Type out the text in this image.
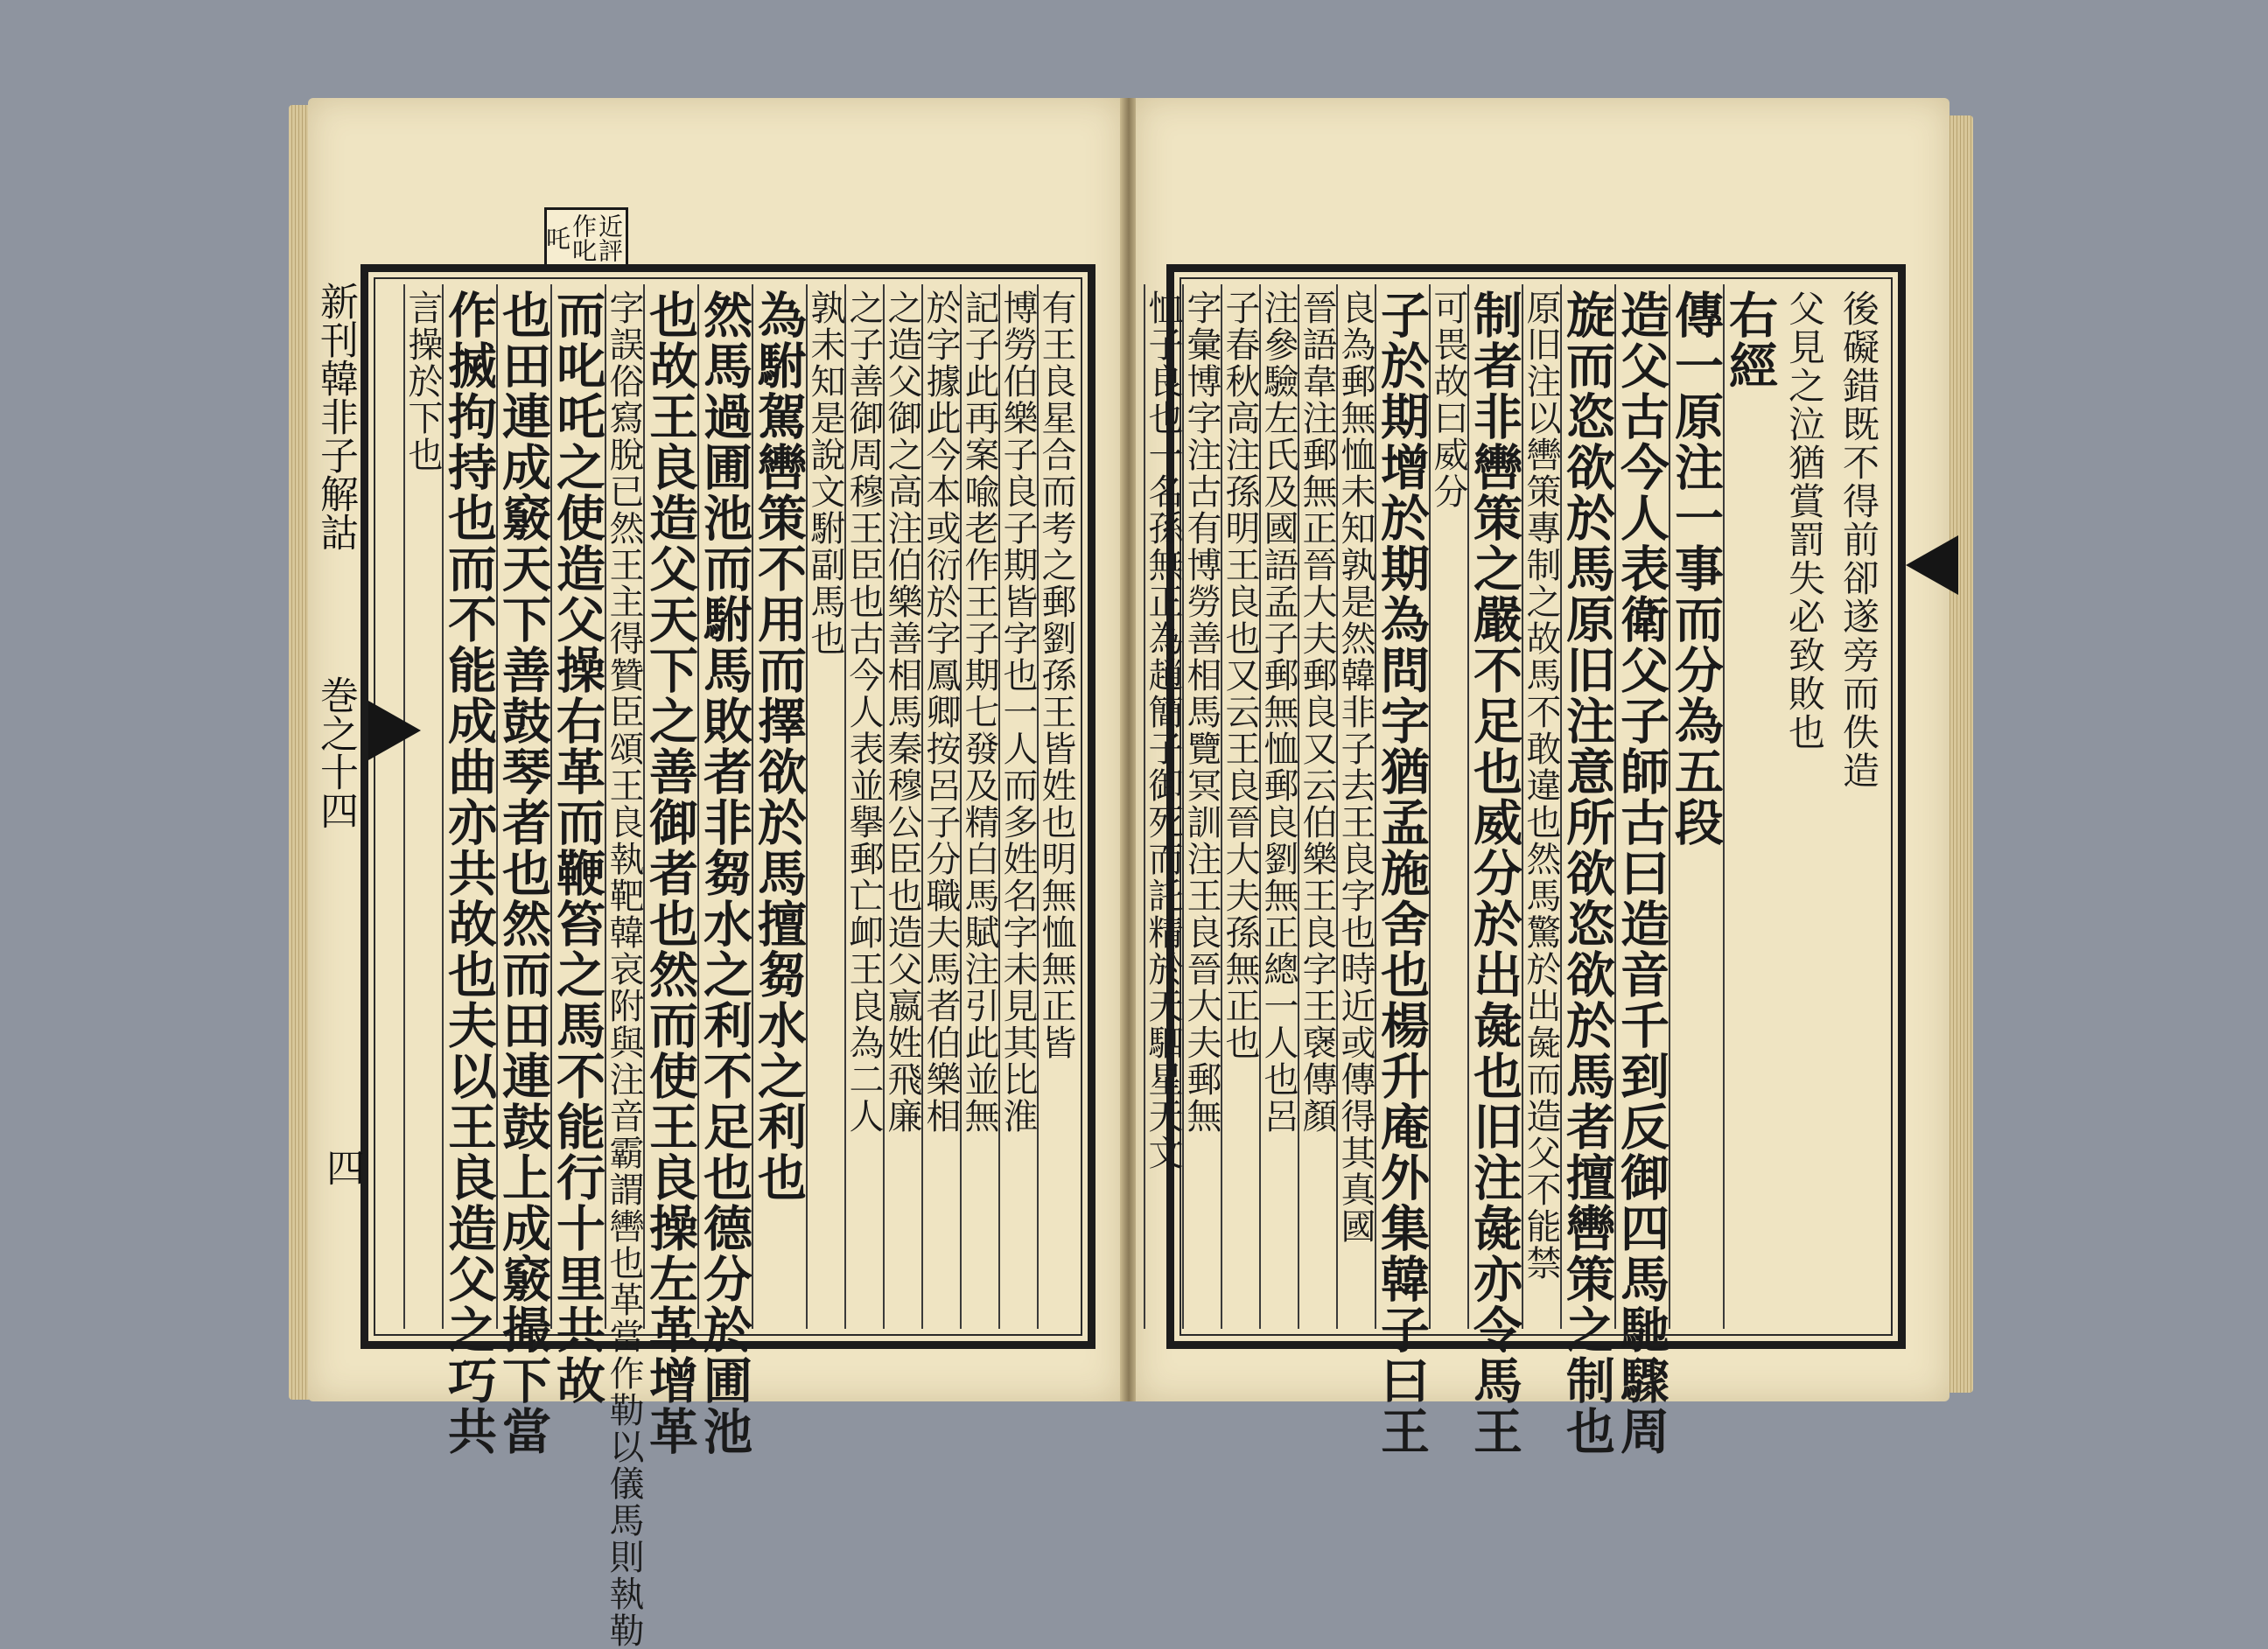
近評作叱吒
有王良星合而考之郵劉孫王皆姓也明無恤無正皆
博勞伯樂子良子期皆字也一人而多姓名字未見其比淮
記子此再案喩老作王子期七發及精白馬賦注引此並無
於字據此今本或衍於字鳳卿按呂子分職夫馬者伯樂相
之造父御之高注伯樂善相馬秦穆公臣也造父嬴姓飛廉
之子善御周穆王臣也古今人表並擧郵亡卹王良為二人
孰未知是說文駙副馬也
為駙駕轡策不用而擇欲於馬擅芻水之利也
然馬過圃池而駙馬敗者非芻水之利不足也德分於圃池
也故王良造父天下之善御者也然而使王良操左革增革
字誤俗寫脫已然王主得贊臣頌王良執靶韓哀附與注音霸謂轡也革當作勒以儀馬則執勒
而叱吒之使造父操右革而鞭笞之馬不能行十里共故
也田連成竅天下善鼓琴者也然而田連鼓上成竅撮下當
作搣拘持也而不能成曲亦共故也夫以王良造父之巧共
言操於下也
新刊韓非子解詁
巻之十四
四
後礙錯既不得前卻遂旁而佚造
父見之泣猶賞罰失必致敗也
右經
傳一原注一事而分為五段
造父古今人表衛父子師古曰造音千到反御四馬馳驟周
旋而恣欲於馬原旧注意所欲恣欲於馬者擅轡策之制也
原旧注以轡策專制之故馬不敢違也然馬驚於出彘而造父不能禁
制者非轡策之嚴不足也威分於出彘也旧注彘亦令馬王
可畏故曰威分
子於期增於期為問字猶孟施舍也楊升庵外集韓子曰王
良為郵無恤未知孰是然韓非子去王良字也時近或傳得其真國
晉語韋注郵無正晉大夫郵良又云伯樂王良字王襃傳顏
注參驗左氏及國語孟子郵無恤郵良劉無正總一人也呂
子春秋高注孫明王良也又云王良晉大夫孫無正也
字彙博字注古有博勞善相馬覽冥訓注王良晉大夫郵無
恤子良也一名孫無正為趙簡子御死而託精於天駟星天文
